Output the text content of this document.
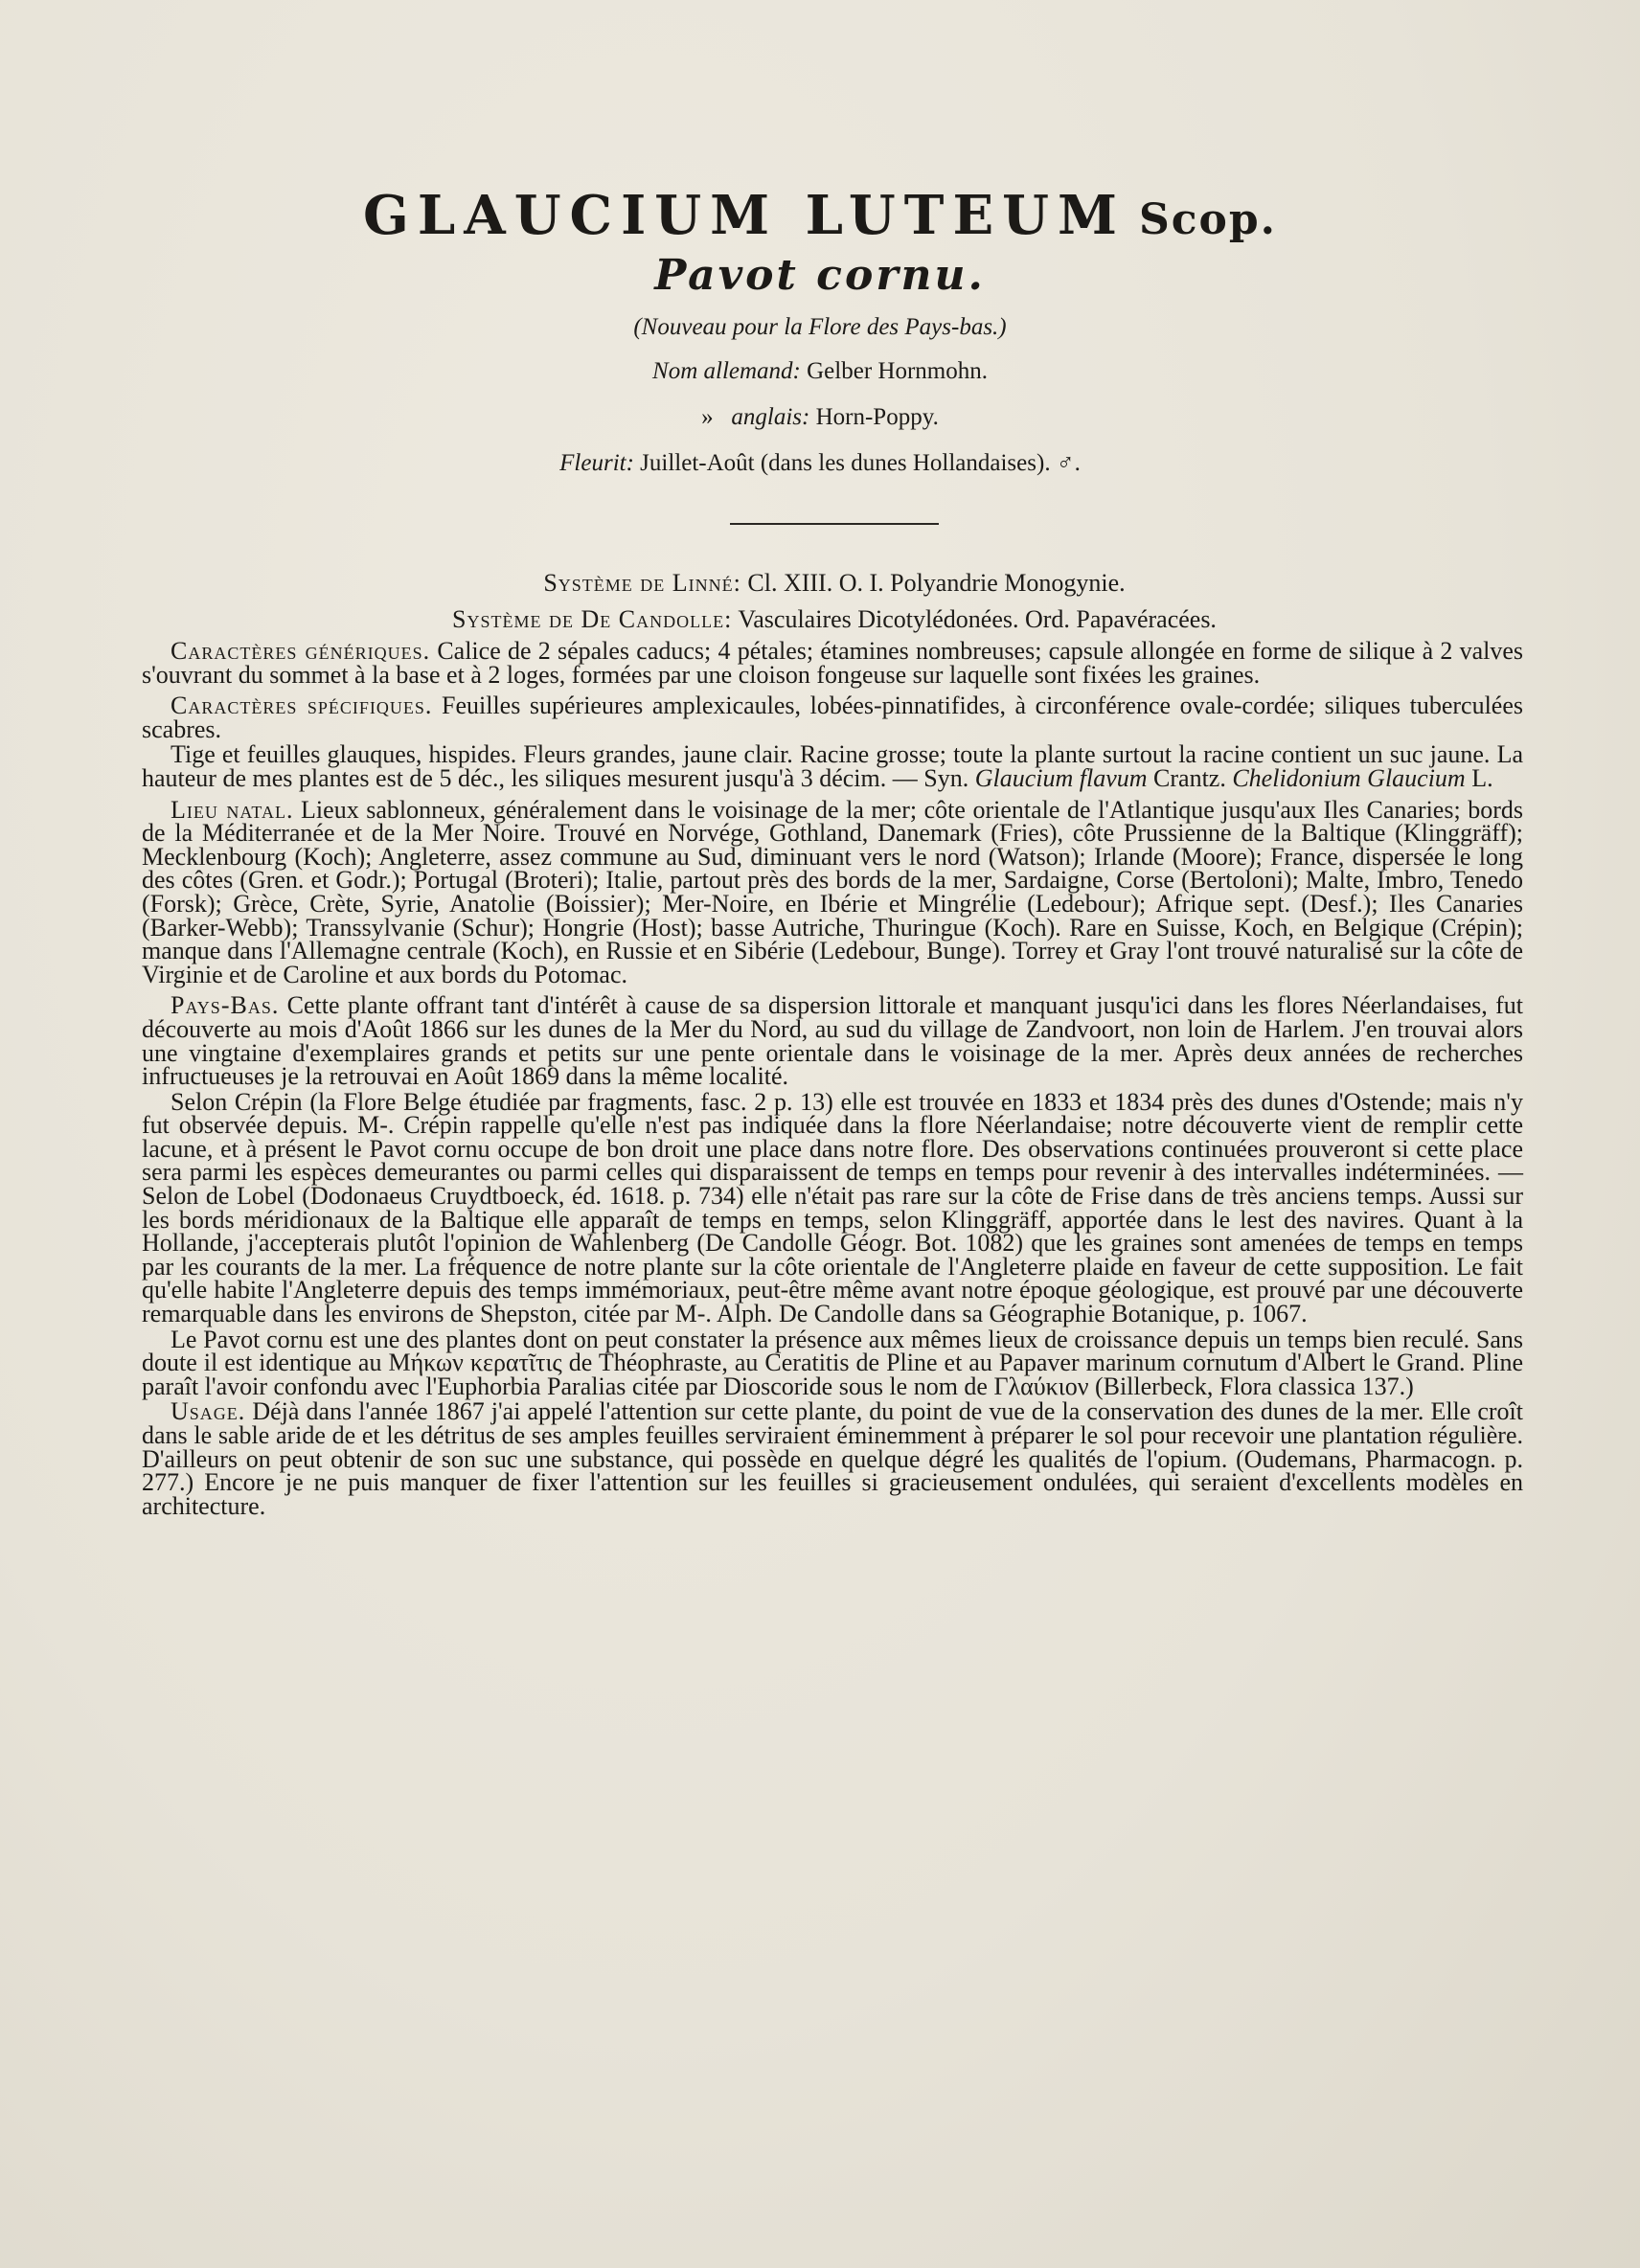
GLAUCIUM LUTEUM Scop.
Pavot cornu.
(Nouveau pour la Flore des Pays-bas.)
Nom allemand: Gelber Hornmohn.
» anglais: Horn-Poppy.
Fleurit: Juillet-Août (dans les dunes Hollandaises). ♂.
Système de Linné: Cl. XIII. O. I. Polyandrie Monogynie.
Système de De Candolle: Vasculaires Dicotylédonées. Ord. Papavéracées.

Caractères génériques. Calice de 2 sépales caducs; 4 pétales; étamines nombreuses; capsule allongée en forme de silique à 2 valves s'ouvrant du sommet à la base et à 2 loges, formées par une cloison fongeuse sur laquelle sont fixées les graines.

Caractères spécifiques. Feuilles supérieures amplexicaules, lobées-pinnatifides, à circonférence ovale-cordée; siliques tuberculées scabres.

Tige et feuilles glauques, hispides. Fleurs grandes, jaune clair. Racine grosse; toute la plante surtout la racine contient un suc jaune. La hauteur de mes plantes est de 5 déc., les siliques mesurent jusqu'à 3 décim. — Syn. Glaucium flavum Crantz. Chelidonium Glaucium L.

Lieu natal. Lieux sablonneux, généralement dans le voisinage de la mer; côte orientale de l'Atlantique jusqu'aux Iles Canaries; bords de la Méditerranée et de la Mer Noire. Trouvé en Norvége, Gothland, Danemark (Fries), côte Prussienne de la Baltique (Klinggräff); Mecklenbourg (Koch); Angleterre, assez commune au Sud, diminuant vers le nord (Watson); Irlande (Moore); France, dispersée le long des côtes (Gren. et Godr.); Portugal (Broteri); Italie, partout près des bords de la mer, Sardaigne, Corse (Bertoloni); Malte, Imbro, Tenedo (Forsk); Grèce, Crète, Syrie, Anatolie (Boissier); Mer-Noire, en Ibérie et Mingrélie (Ledebour); Afrique sept. (Desf.); Iles Canaries (Barker-Webb); Transsylvanie (Schur); Hongrie (Host); basse Autriche, Thuringue (Koch). Rare en Suisse, Koch, en Belgique (Crépin); manque dans l'Allemagne centrale (Koch), en Russie et en Sibérie (Ledebour, Bunge). Torrey et Gray l'ont trouvé naturalisé sur la côte de Virginie et de Caroline et aux bords du Potomac.

Pays-Bas. Cette plante offrant tant d'intérêt à cause de sa dispersion littorale et manquant jusqu'ici dans les flores Néerlandaises, fut découverte au mois d'Août 1866 sur les dunes de la Mer du Nord, au sud du village de Zandvoort, non loin de Harlem. J'en trouvai alors une vingtaine d'exemplaires grands et petits sur une pente orientale dans le voisinage de la mer. Après deux années de recherches infructueuses je la retrouvai en Août 1869 dans la même localité.

Selon Crépin (la Flore Belge étudiée par fragments, fasc. 2 p. 13) elle est trouvée en 1833 et 1834 près des dunes d'Ostende; mais n'y fut observée depuis. M-. Crépin rappelle qu'elle n'est pas indiquée dans la flore Néerlandaise; notre découverte vient de remplir cette lacune, et à présent le Pavot cornu occupe de bon droit une place dans notre flore. Des observations continuées prouveront si cette place sera parmi les espèces demeurantes ou parmi celles qui disparaissent de temps en temps pour revenir à des intervalles indéterminées. — Selon de Lobel (Dodonaeus Cruydtboeck, éd. 1618. p. 734) elle n'était pas rare sur la côte de Frise dans de très anciens temps. Aussi sur les bords méridionaux de la Baltique elle apparaît de temps en temps, selon Klinggräff, apportée dans le lest des navires. Quant à la Hollande, j'accepterais plutôt l'opinion de Wahlenberg (De Candolle Géogr. Bot. 1082) que les graines sont amenées de temps en temps par les courants de la mer. La fréquence de notre plante sur la côte orientale de l'Angleterre plaide en faveur de cette supposition. Le fait qu'elle habite l'Angleterre depuis des temps immémoriaux, peut-être même avant notre époque géologique, est prouvé par une découverte remarquable dans les environs de Shepston, citée par M-. Alph. De Candolle dans sa Géographie Botanique, p. 1067.

Le Pavot cornu est une des plantes dont on peut constater la présence aux mêmes lieux de croissance depuis un temps bien reculé. Sans doute il est identique au Μήκων κερατῖτις de Théophraste, au Ceratitis de Pline et au Papaver marinum cornutum d'Albert le Grand. Pline paraît l'avoir confondu avec l'Euphorbia Paralias citée par Dioscoride sous le nom de Γλαύκιον (Billerbeck, Flora classica 137.)

Usage. Déjà dans l'année 1867 j'ai appelé l'attention sur cette plante, du point de vue de la conservation des dunes de la mer. Elle croît dans le sable aride de et les détritus de ses amples feuilles serviraient éminemment à préparer le sol pour recevoir une plantation régulière. D'ailleurs on peut obtenir de son suc une substance, qui possède en quelque dégré les qualités de l'opium. (Oudemans, Pharmacogn. p. 277.) Encore je ne puis manquer de fixer l'attention sur les feuilles si gracieusement ondulées, qui seraient d'excellents modèles en architecture.
